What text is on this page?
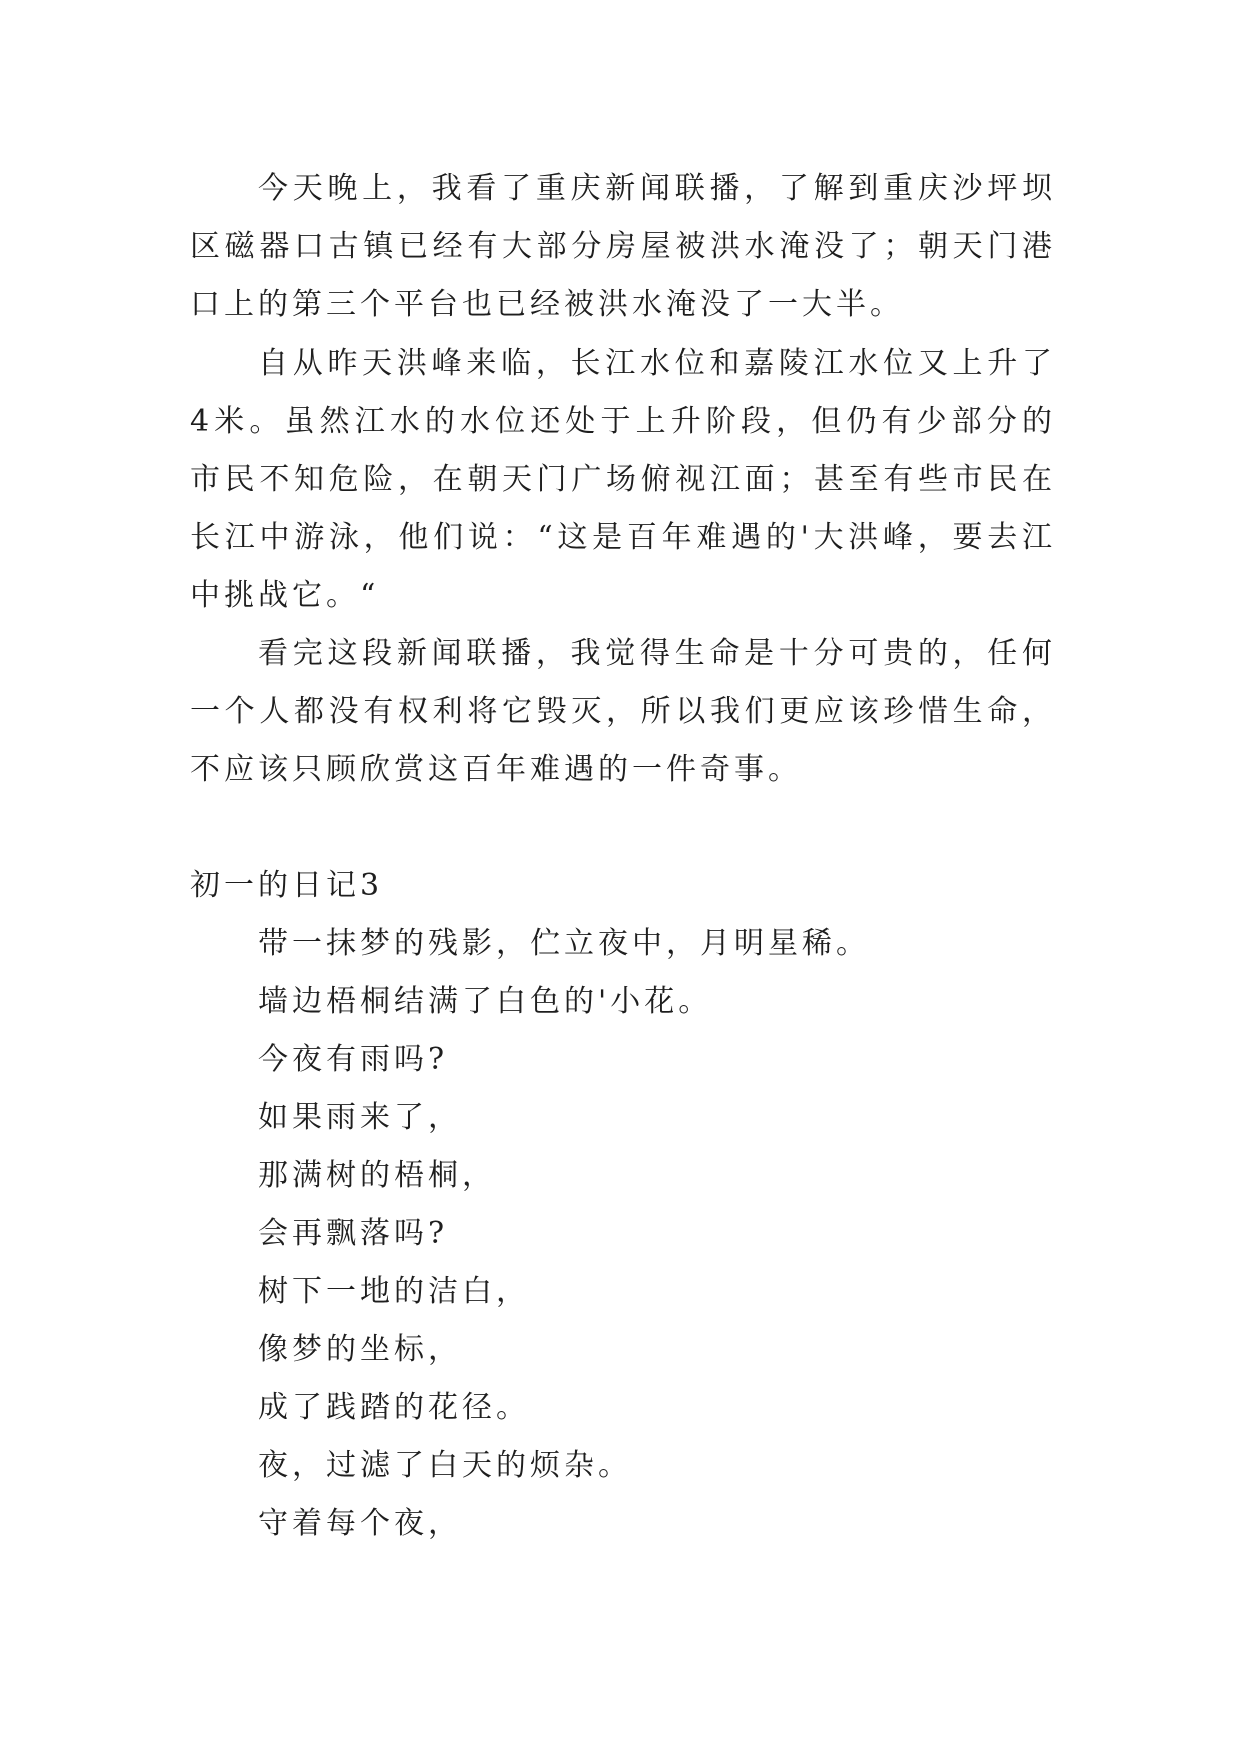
今天晚上，我看了重庆新闻联播，了解到重庆沙坪坝区磁器口古镇已经有大部分房屋被洪水淹没了；朝天门港口上的第三个平台也已经被洪水淹没了一大半。

自从昨天洪峰来临，长江水位和嘉陵江水位又上升了4米。虽然江水的水位还处于上升阶段，但仍有少部分的市民不知危险，在朝天门广场俯视江面；甚至有些市民在长江中游泳，他们说：“这是百年难遇的'大洪峰，要去江中挑战它。“

看完这段新闻联播，我觉得生命是十分可贵的，任何一个人都没有权利将它毁灭，所以我们更应该珍惜生命，不应该只顾欣赏这百年难遇的一件奇事。

初一的日记3
带一抹梦的残影，伫立夜中，月明星稀。
墙边梧桐结满了白色的'小花。
今夜有雨吗?
如果雨来了，
那满树的梧桐，
会再飘落吗?
树下一地的洁白，
像梦的坐标，
成了践踏的花径。
夜，过滤了白天的烦杂。
守着每个夜，
